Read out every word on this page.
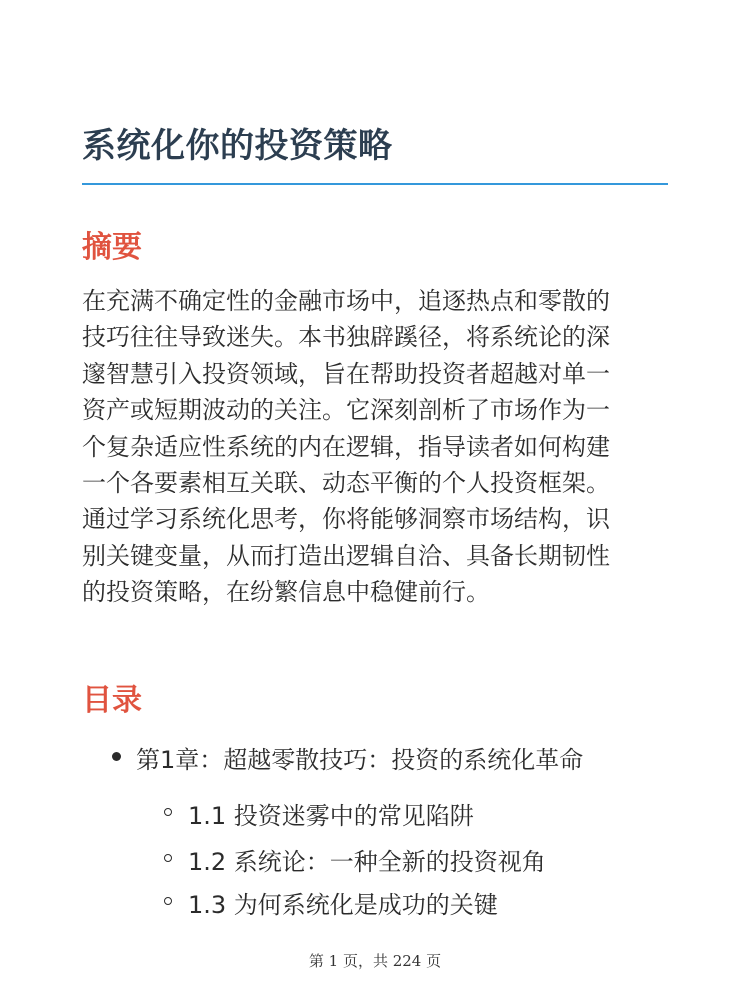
系统化你的投资策略
摘要

在充满不确定性的金融市场中，追逐热点和零散的
技巧往往导致迷失。本书独辟蹊径，将系统论的深
邃智慧引入投资领域，旨在帮助投资者超越对单一
资产或短期波动的关注。它深刻剖析了市场作为一
个复杂适应性系统的内在逻辑，指导读者如何构建
一个各要素相互关联、动态平衡的个人投资框架。
通过学习系统化思考，你将能够洞察市场结构，识
别关键变量，从而打造出逻辑自洽、具备长期韧性
的投资策略，在纷繁信息中稳健前行。

目录
第1章：超越零散技巧：投资的系统化革命
1.1 投资迷雾中的常见陷阱
1.2 系统论：一种全新的投资视角
1.3 为何系统化是成功的关键
第 1 页，共 224 页
